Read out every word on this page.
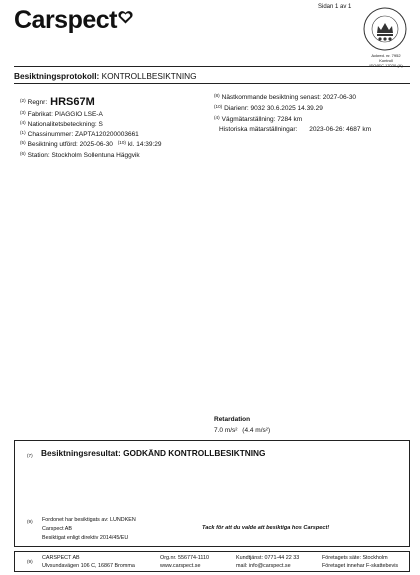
Carspect	Sidan 1 av 1
Ackred. nr. 7952
Kontroll
Besiktningsprotokoll: KONTROLLBESIKTNING
$^{(2)}$ Regnr: HRS67M
$^{(3)}$ Fabrikat: PIAGGIO LSE-A
$^{(4)}$ Nationalitetsbeteckning: S
$^{(1)}$ Chassinummer: ZAPTA120200003661
$^{(5)}$ Besiktning utförd: 2025-06-30 $^{(10)}$ kl. 14:39:29
$^{(6)}$ Station: Stockholm Sollentuna Häggvik
$^{(8)}$ Nästkommande besiktning senast: 2027-06-30
$^{(10)}$ Diarienr: 9032 30.6.2025 14.39.29
$^{(4)}$ Vägmätarställning: 7284 km
Historiska mätarställningar: 2023-06-26: 4687 km
Retardation
7.0 m/s² (4.4 m/s²)
(7) Besiktningsresultat: GODKÄND KONTROLLBESIKTNING
(9)	Fordonet har besiktigats av: LUNDKEN
Carspect AB
Besiktigat enligt direktiv 2014/45/EU
Tack för att du valde att besiktiga hos Carspect!
(9)
CARSPECT AB
Ulvsundavägen 106 C, 16867 Bromma
Org.nr. 556774-1110
www.carspect.se
Kundtjänst: 0771-44 22 33
mail: info@carspect.se
Företagets säte: Stockholm
Företaget innehar F-skattebevis
